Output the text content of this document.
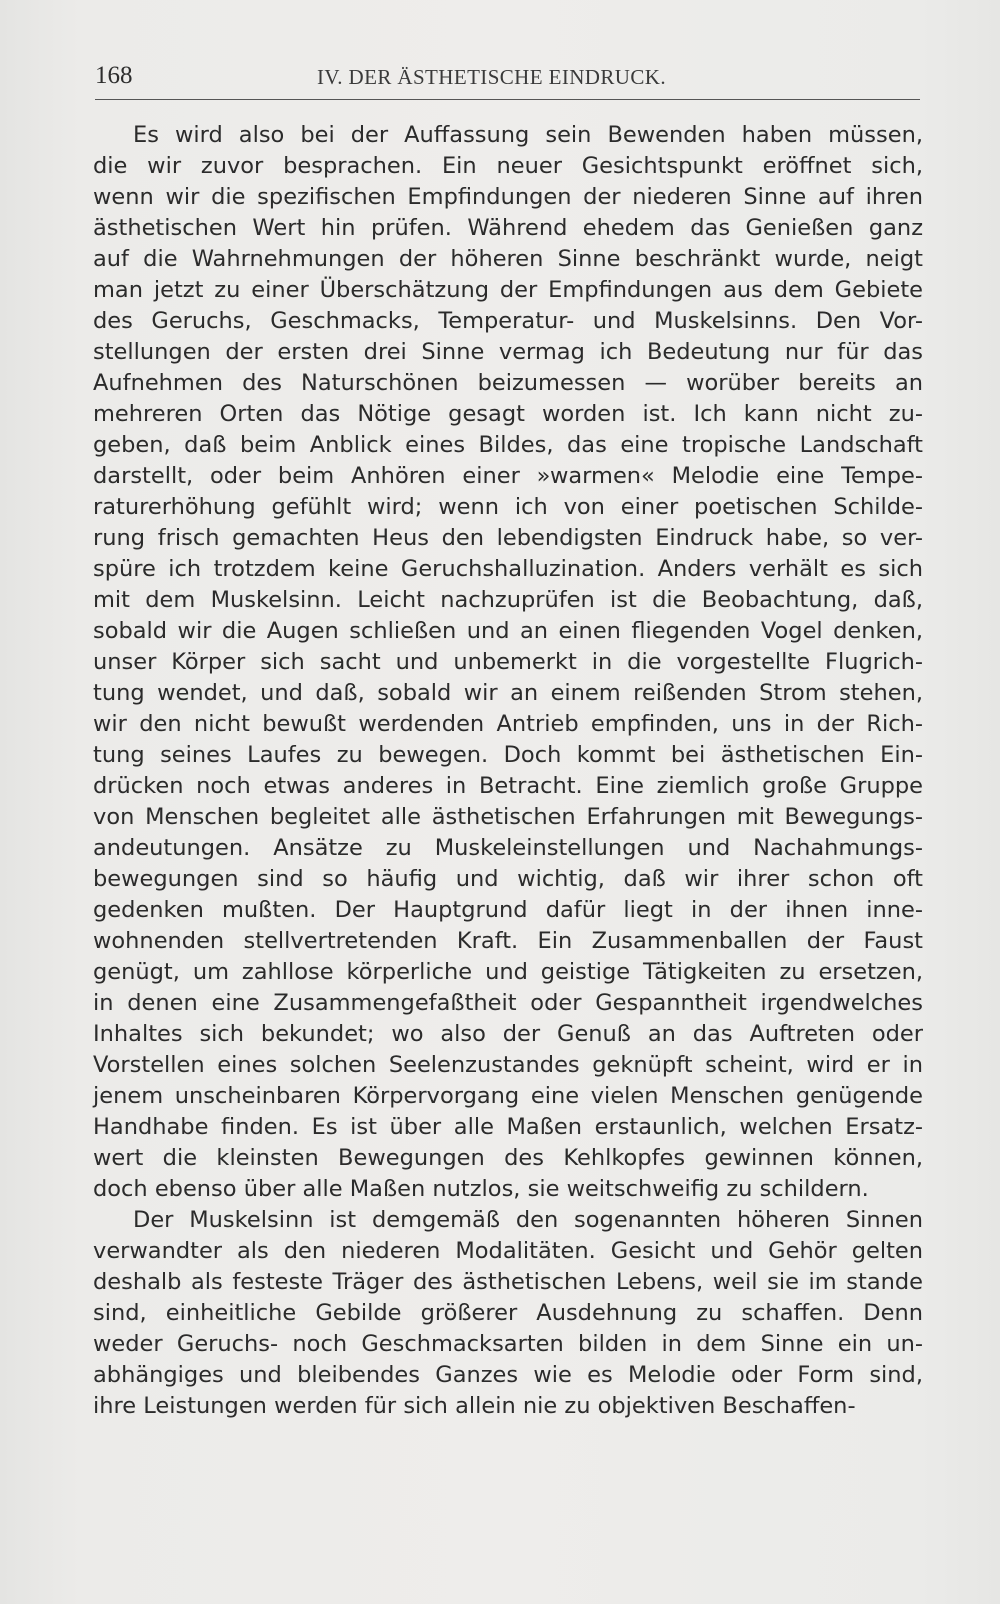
168	IV. DER ÄSTHETISCHE EINDRUCK.
Es wird also bei der Auffassung sein Bewenden haben müssen,
die wir zuvor besprachen. Ein neuer Gesichtspunkt eröffnet sich,
wenn wir die spezifischen Empfindungen der niederen Sinne auf ihren
ästhetischen Wert hin prüfen. Während ehedem das Genießen ganz
auf die Wahrnehmungen der höheren Sinne beschränkt wurde, neigt
man jetzt zu einer Überschätzung der Empfindungen aus dem Gebiete
des Geruchs, Geschmacks, Temperatur- und Muskelsinns. Den Vor-
stellungen der ersten drei Sinne vermag ich Bedeutung nur für das
Aufnehmen des Naturschönen beizumessen — worüber bereits an
mehreren Orten das Nötige gesagt worden ist. Ich kann nicht zu-
geben, daß beim Anblick eines Bildes, das eine tropische Landschaft
darstellt, oder beim Anhören einer »warmen« Melodie eine Tempe-
raturerhöhung gefühlt wird; wenn ich von einer poetischen Schilde-
rung frisch gemachten Heus den lebendigsten Eindruck habe, so ver-
spüre ich trotzdem keine Geruchshalluzination. Anders verhält es sich
mit dem Muskelsinn. Leicht nachzuprüfen ist die Beobachtung, daß,
sobald wir die Augen schließen und an einen fliegenden Vogel denken,
unser Körper sich sacht und unbemerkt in die vorgestellte Flugrich-
tung wendet, und daß, sobald wir an einem reißenden Strom stehen,
wir den nicht bewußt werdenden Antrieb empfinden, uns in der Rich-
tung seines Laufes zu bewegen. Doch kommt bei ästhetischen Ein-
drücken noch etwas anderes in Betracht. Eine ziemlich große Gruppe
von Menschen begleitet alle ästhetischen Erfahrungen mit Bewegungs-
andeutungen. Ansätze zu Muskeleinstellungen und Nachahmungs-
bewegungen sind so häufig und wichtig, daß wir ihrer schon oft
gedenken mußten. Der Hauptgrund dafür liegt in der ihnen inne-
wohnenden stellvertretenden Kraft. Ein Zusammenballen der Faust
genügt, um zahllose körperliche und geistige Tätigkeiten zu ersetzen,
in denen eine Zusammengefaßtheit oder Gespanntheit irgendwelches
Inhaltes sich bekundet; wo also der Genuß an das Auftreten oder
Vorstellen eines solchen Seelenzustandes geknüpft scheint, wird er in
jenem unscheinbaren Körpervorgang eine vielen Menschen genügende
Handhabe finden. Es ist über alle Maßen erstaunlich, welchen Ersatz-
wert die kleinsten Bewegungen des Kehlkopfes gewinnen können,
doch ebenso über alle Maßen nutzlos, sie weitschweifig zu schildern.
Der Muskelsinn ist demgemäß den sogenannten höheren Sinnen
verwandter als den niederen Modalitäten. Gesicht und Gehör gelten
deshalb als festeste Träger des ästhetischen Lebens, weil sie im stande
sind, einheitliche Gebilde größerer Ausdehnung zu schaffen. Denn
weder Geruchs- noch Geschmacksarten bilden in dem Sinne ein un-
abhängiges und bleibendes Ganzes wie es Melodie oder Form sind,
ihre Leistungen werden für sich allein nie zu objektiven Beschaffen-
